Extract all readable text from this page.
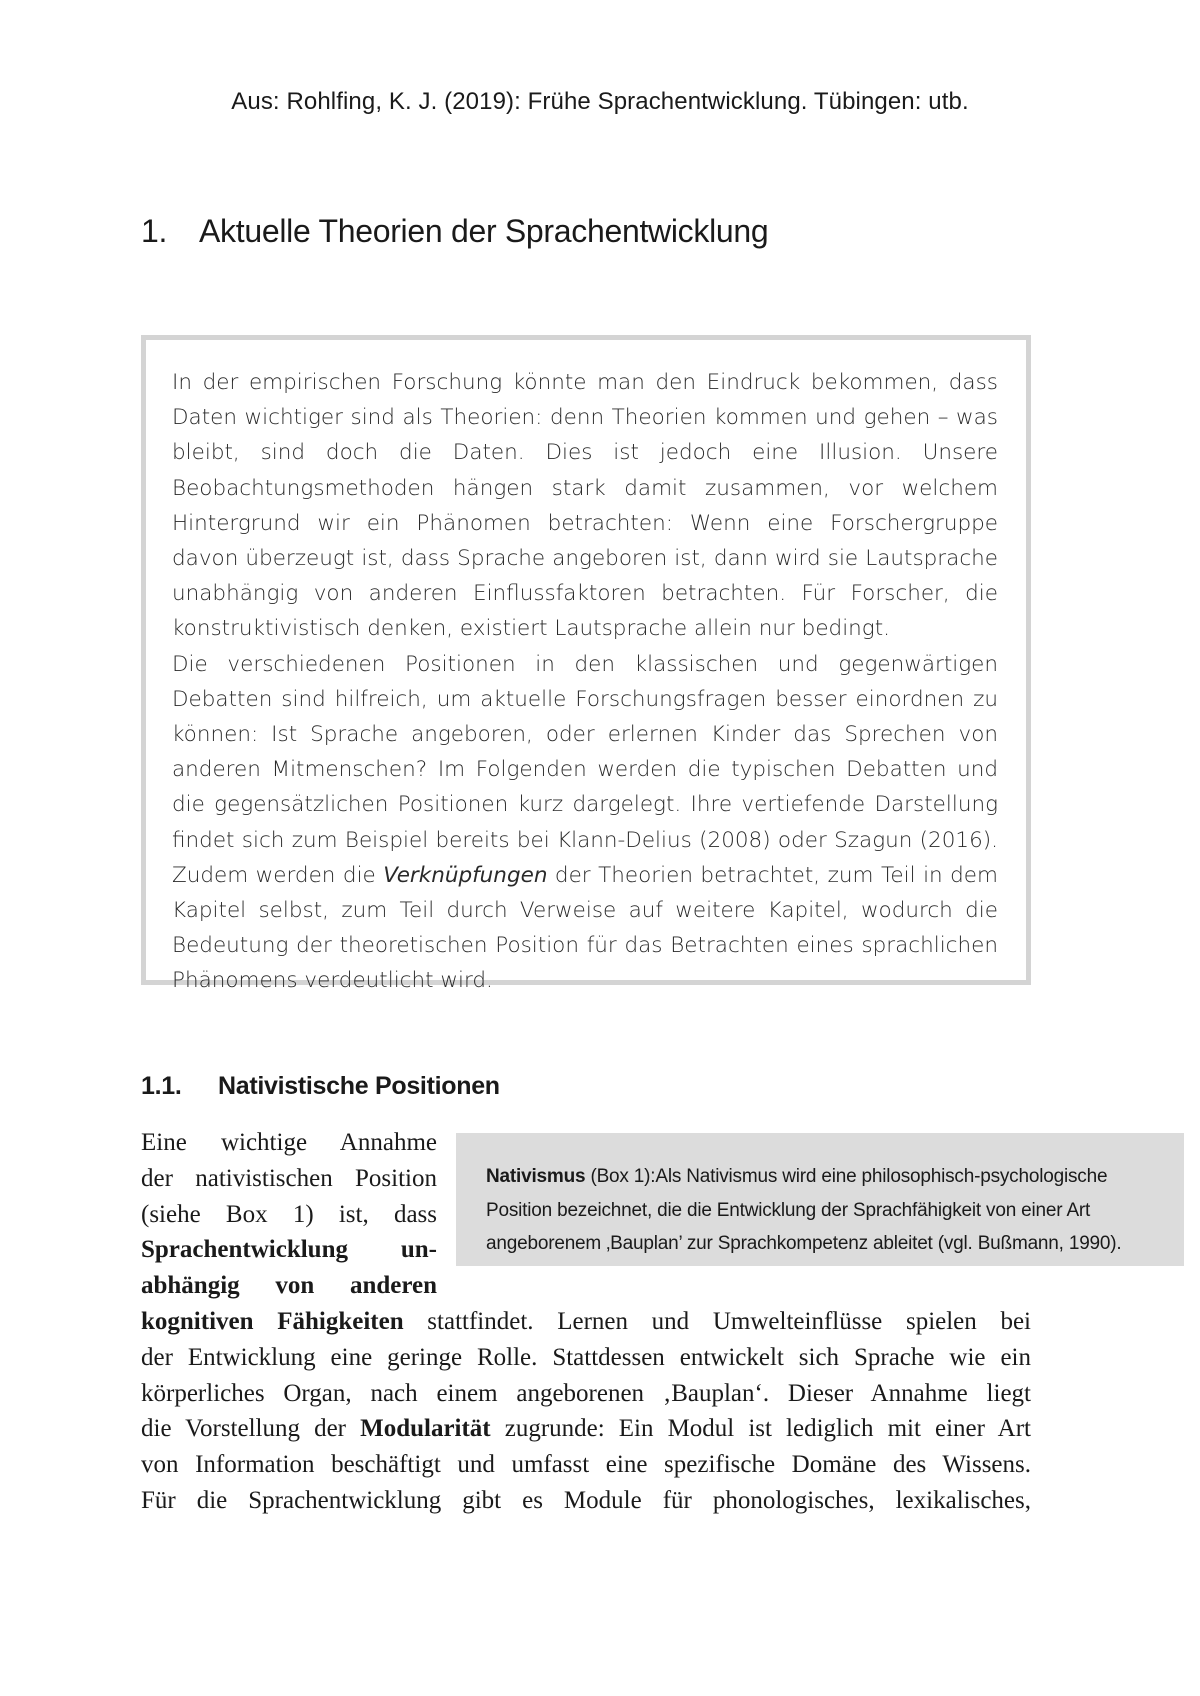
Aus: Rohlfing, K. J. (2019): Frühe Sprachentwicklung. Tübingen: utb.
1. Aktuelle Theorien der Sprachentwicklung

In der empirischen Forschung könnte man den Eindruck bekommen, dass Daten wichtiger sind als Theorien: denn Theorien kommen und gehen – was bleibt, sind doch die Daten. Dies ist jedoch eine Illusion. Unsere Beobachtungsmethoden hängen stark damit zusammen, vor welchem Hintergrund wir ein Phänomen betrachten: Wenn eine Forschergruppe davon überzeugt ist, dass Sprache angeboren ist, dann wird sie Lautsprache unabhängig von anderen Einflussfaktoren betrachten. Für Forscher, die konstruktivistisch denken, existiert Lautsprache allein nur bedingt.

Die verschiedenen Positionen in den klassischen und gegenwärtigen Debatten sind hilfreich, um aktuelle Forschungsfragen besser einordnen zu können: Ist Sprache angeboren, oder erlernen Kinder das Sprechen von anderen Mitmenschen? Im Folgenden werden die typischen Debatten und die gegensätzlichen Positionen kurz dargelegt. Ihre vertiefende Darstellung findet sich zum Beispiel bereits bei Klann-Delius (2008) oder Szagun (2016). Zudem werden die Verknüpfungen der Theorien betrachtet, zum Teil in dem Kapitel selbst, zum Teil durch Verweise auf weitere Kapitel, wodurch die Bedeutung der theoretischen Position für das Betrachten eines sprachlichen Phänomens verdeutlicht wird.

1.1. Nativistische Positionen
Nativismus (Box 1):Als Nativismus wird eine philosophisch-psychologische Position bezeichnet, die die Entwicklung der Sprachfähigkeit von einer Art angeborenem ‚Bauplan’ zur Sprachkompetenz ableitet (vgl. Bußmann, 1990).
Eine wichtige Annahme
der nativistischen Position
(siehe Box 1) ist, dass
Sprachentwicklung un-
abhängig von anderen
kognitiven Fähigkeiten stattfindet. Lernen und Umwelteinflüsse spielen bei
der Entwicklung eine geringe Rolle. Stattdessen entwickelt sich Sprache wie ein
körperliches Organ, nach einem angeborenen ‚Bauplan‘. Dieser Annahme liegt
die Vorstellung der Modularität zugrunde: Ein Modul ist lediglich mit einer Art
von Information beschäftigt und umfasst eine spezifische Domäne des Wissens.
Für die Sprachentwicklung gibt es Module für phonologisches, lexikalisches,
